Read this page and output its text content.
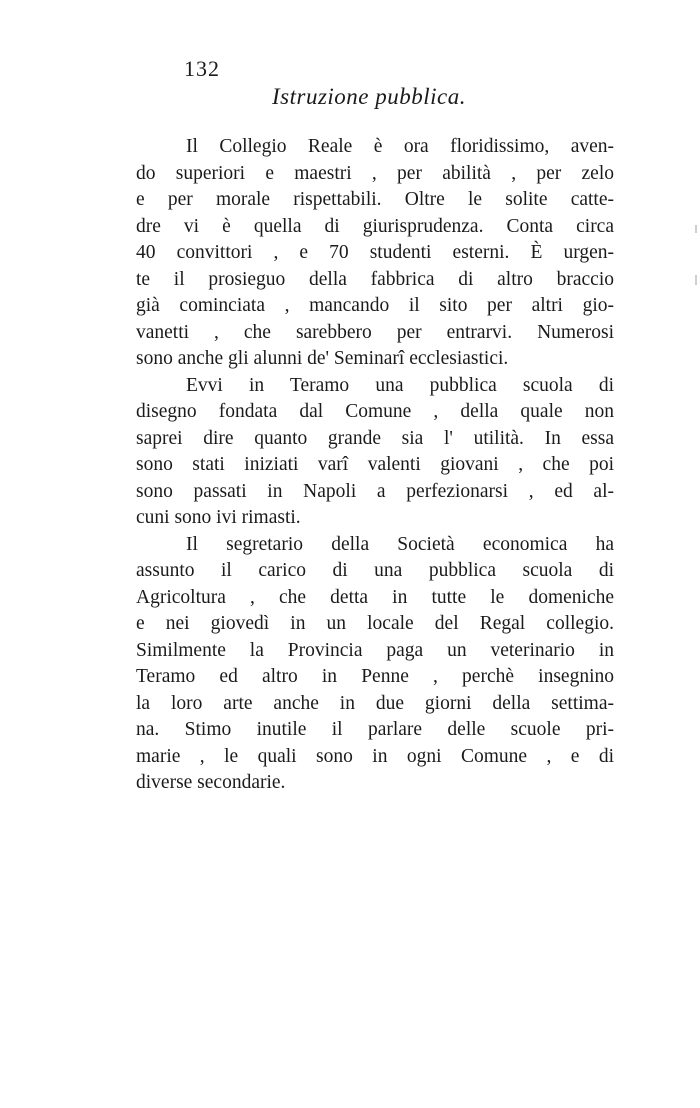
132
Istruzione pubblica.
Il Collegio Reale è ora floridissimo, aven-
do superiori e maestri , per abilità , per zelo
e per morale rispettabili. Oltre le solite catte-
dre vi è quella di giurisprudenza. Conta circa
40 convittori , e 70 studenti esterni. È urgen-
te il prosieguo della fabbrica di altro braccio
già cominciata , mancando il sito per altri gio-
vanetti , che sarebbero per entrarvi. Numerosi
sono anche gli alunni de' Seminarî ecclesiastici.
Evvi in Teramo una pubblica scuola di
disegno fondata dal Comune , della quale non
saprei dire quanto grande sia l' utilità. In essa
sono stati iniziati varî valenti giovani , che poi
sono passati in Napoli a perfezionarsi , ed al-
cuni sono ivi rimasti.
Il segretario della Società economica ha
assunto il carico di una pubblica scuola di
Agricoltura , che detta in tutte le domeniche
e nei giovedì in un locale del Regal collegio.
Similmente la Provincia paga un veterinario in
Teramo ed altro in Penne , perchè insegnino
la loro arte anche in due giorni della settima-
na. Stimo inutile il parlare delle scuole pri-
marie , le quali sono in ogni Comune , e di
diverse secondarie.
